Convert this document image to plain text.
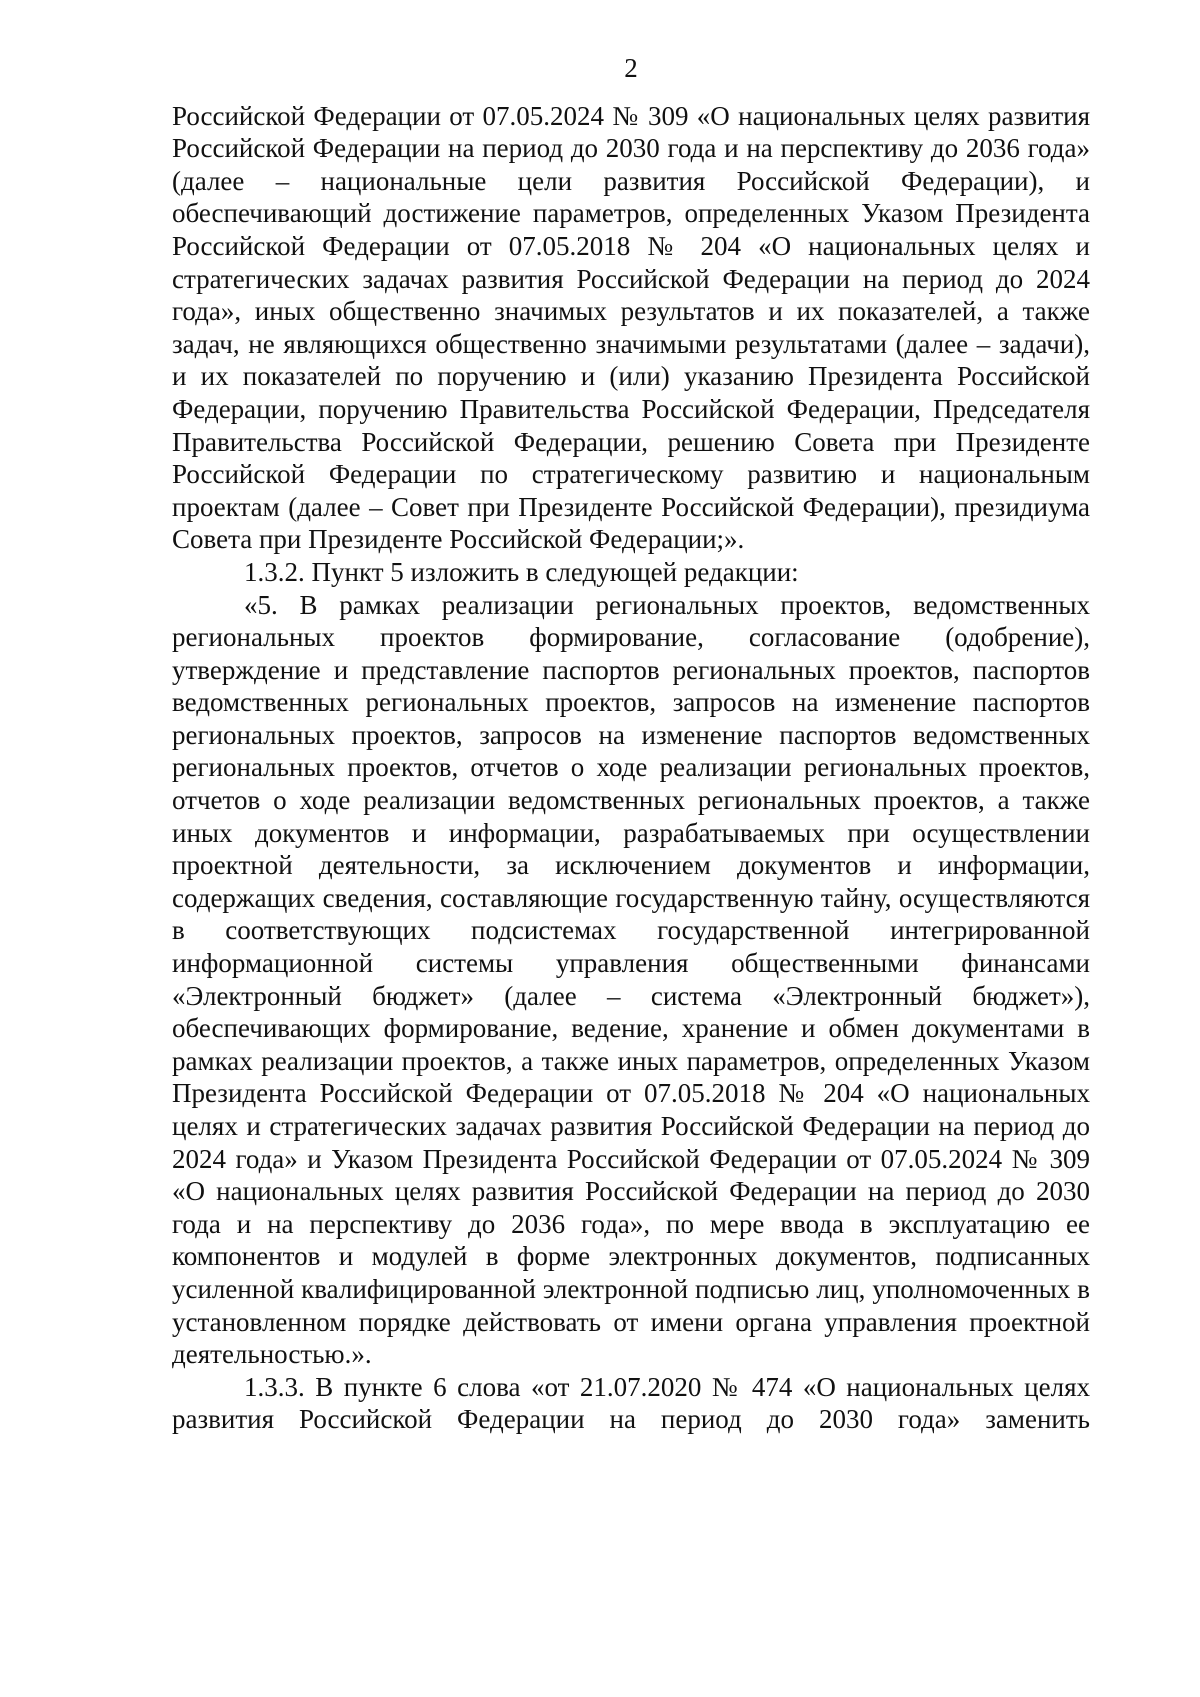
2

Российской Федерации от 07.05.2024 № 309 «О национальных целях развития Российской Федерации на период до 2030 года и на перспективу до 2036 года» (далее – национальные цели развития Российской Федерации), и обеспечивающий достижение параметров, определенных Указом Президента Российской Федерации от 07.05.2018 № 204 «О национальных целях и стратегических задачах развития Российской Федерации на период до 2024 года», иных общественно значимых результатов и их показателей, а также задач, не являющихся общественно значимыми результатами (далее – задачи), и их показателей по поручению и (или) указанию Президента Российской Федерации, поручению Правительства Российской Федерации, Председателя Правительства Российской Федерации, решению Совета при Президенте Российской Федерации по стратегическому развитию и национальным проектам (далее – Совет при Президенте Российской Федерации), президиума Совета при Президенте Российской Федерации;».

1.3.2. Пункт 5 изложить в следующей редакции:

«5. В рамках реализации региональных проектов, ведомственных региональных проектов формирование, согласование (одобрение), утверждение и представление паспортов региональных проектов, паспортов ведомственных региональных проектов, запросов на изменение паспортов региональных проектов, запросов на изменение паспортов ведомственных региональных проектов, отчетов о ходе реализации региональных проектов, отчетов о ходе реализации ведомственных региональных проектов, а также иных документов и информации, разрабатываемых при осуществлении проектной деятельности, за исключением документов и информации, содержащих сведения, составляющие государственную тайну, осуществляются в соответствующих подсистемах государственной интегрированной информационной системы управления общественными финансами «Электронный бюджет» (далее – система «Электронный бюджет»), обеспечивающих формирование, ведение, хранение и обмен документами в рамках реализации проектов, а также иных параметров, определенных Указом Президента Российской Федерации от 07.05.2018 № 204 «О национальных целях и стратегических задачах развития Российской Федерации на период до 2024 года» и Указом Президента Российской Федерации от 07.05.2024 № 309 «О национальных целях развития Российской Федерации на период до 2030 года и на перспективу до 2036 года», по мере ввода в эксплуатацию ее компонентов и модулей в форме электронных документов, подписанных усиленной квалифицированной электронной подписью лиц, уполномоченных в установленном порядке действовать от имени органа управления проектной деятельностью.».

1.3.3. В пункте 6 слова «от 21.07.2020 № 474 «О национальных целях развития Российской Федерации на период до 2030 года» заменить
